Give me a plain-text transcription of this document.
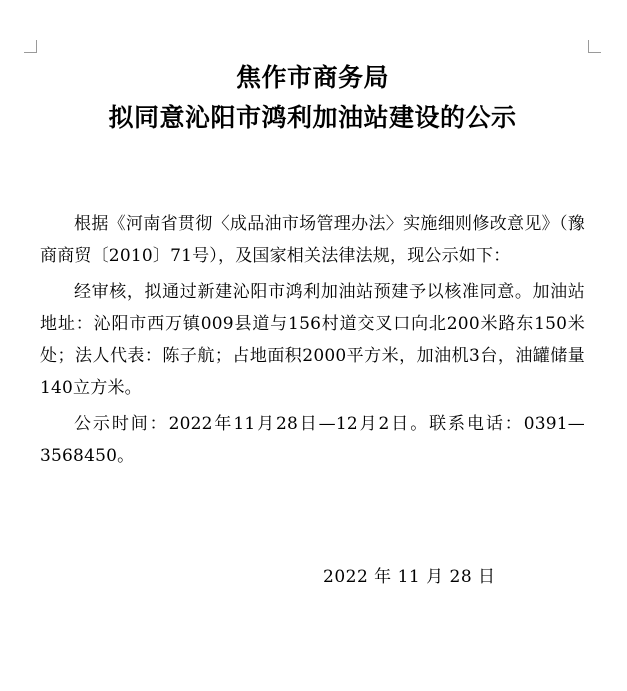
焦作市商务局
拟同意沁阳市鸿利加油站建设的公示

根据《河南省贯彻〈成品油市场管理办法〉实施细则修改意见》（豫商商贸〔2010〕71号），及国家相关法律法规，现公示如下：

经审核，拟通过新建沁阳市鸿利加油站预建予以核准同意。加油站地址：沁阳市西万镇009县道与156村道交叉口向北200米路东150米处；法人代表：陈子航；占地面积2000平方米，加油机3台，油罐储量140立方米。

公示时间：2022年11月28日—12月2日。联系电话：0391—3568450。

2022 年 11 月 28 日
